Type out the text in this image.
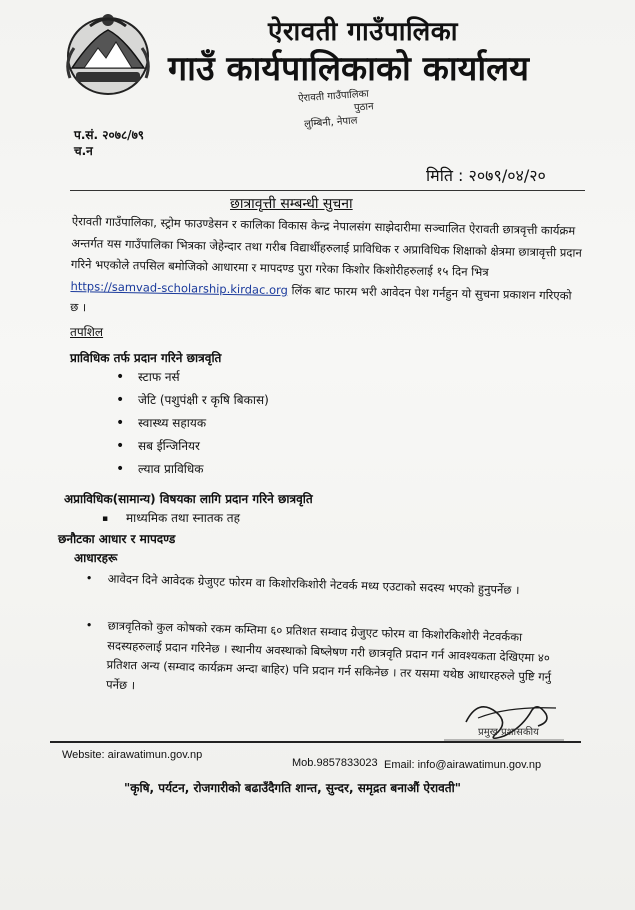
ऐरावती गाउँपालिका
गाउँ कार्यपालिकाको कार्यालय
ऐरावती गाउँपालिका
पुठान
लुम्बिनी, नेपाल
प.सं. २०७८/७९
च.न
मिति : २०७९/०४/२०
छात्रावृत्ती सम्बन्धी सुचना
ऐरावती गाउँपालिका, स्ट्रोम फाउण्डेसन र कालिका विकास केन्द्र नेपालसंग साझेदारीमा सञ्चालित ऐरावती छात्रवृत्ती कार्यक्रम अन्तर्गत यस गाउँपालिका भित्रका जेहेन्दार तथा गरीब विद्यार्थीहरुलाई प्राविधिक र अप्राविधिक शिक्षाको क्षेत्रमा छात्रावृत्ती प्रदान गरिने भएकोले तपसिल बमोजिको आधारमा र मापदण्ड पुरा गरेका किशोर किशोरीहरुलाई १५ दिन भित्र https://samvad-scholarship.kirdac.org लिंक बाट फारम भरी आवेदन पेश गर्नहुन यो सुचना प्रकाशन गरिएको छ ।
तपशिल
प्राविधिक तर्फ प्रदान गरिने छात्रवृति
• स्टाफ नर्स
• जेटि (पशुपंक्षी र कृषि बिकास)
• स्वास्थ्य सहायक
• सब ईन्जिनियर
• ल्याव प्राविधिक
अप्राविधिक(सामान्य) विषयका लागि प्रदान गरिने छात्रवृति
▪ माध्यमिक तथा स्नातक तह
छनौटका आधार र मापदण्ड
आधारहरू
•	आवेदन दिने आवेदक ग्रेजुएट फोरम वा किशोरकिशोरी नेटवर्क मध्य एउटाको सदस्य भएको हुनुपर्नेछ ।
•	छात्रवृतिको कुल कोषको रकम कम्तिमा ६० प्रतिशत सम्वाद ग्रेजुएट फोरम वा किशोरकिशोरी नेटवर्कका सदस्यहरुलाई प्रदान गरिनेछ । स्थानीय अवस्थाको बिष्लेषण गरी छात्रवृति प्रदान गर्न आवश्यकता देखिएमा ४० प्रतिशत अन्य (सम्वाद कार्यक्रम अन्दा बाहिर) पनि प्रदान गर्न सकिनेछ । तर यसमा यथेष्ठ आधारहरुले पुष्टि गर्नु पर्नेछ ।
प्रमुख प्रशासकीय
Website: airawatimun.gov.np
Mob.9857833023 Email: info@airawatimun.gov.np
"कृषि, पर्यटन, रोजगारीको बढाउँदैगति शान्त, सुन्दर, समृद्रत बनाऔं ऐरावती"
